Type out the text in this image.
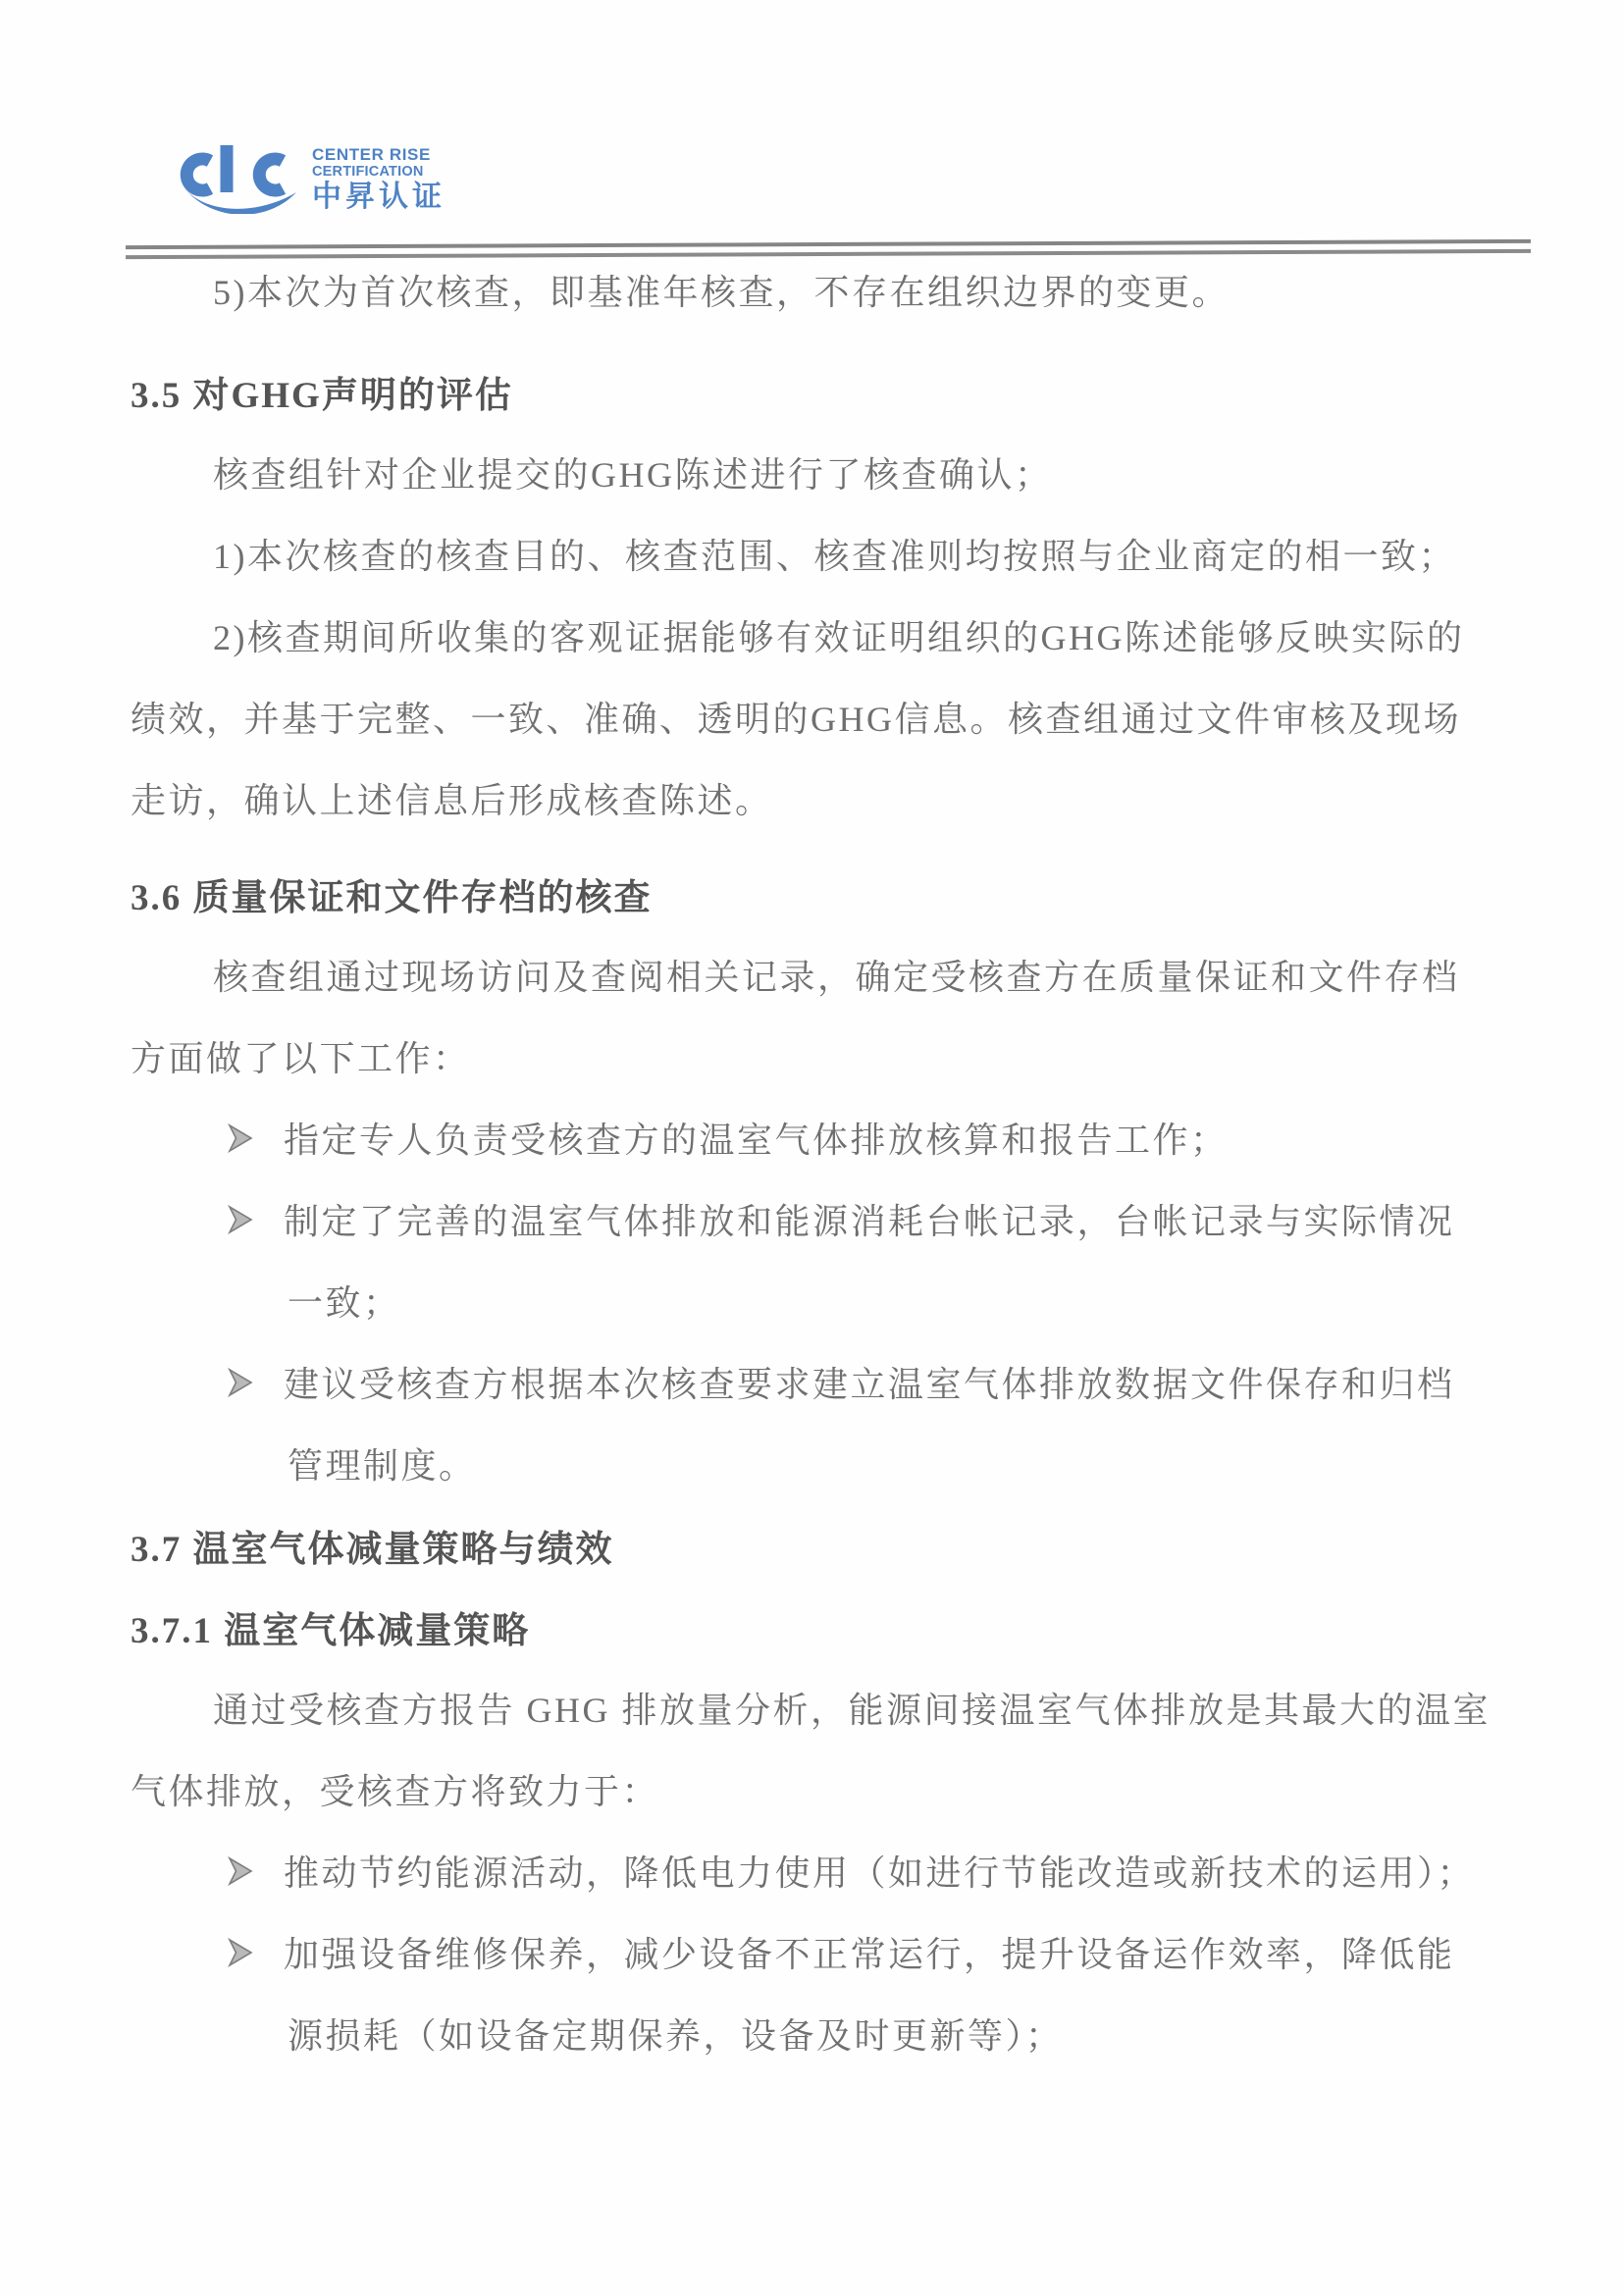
CENTER RISE
CERTIFICATION
中昇认证
5)本次为首次核查，即基准年核查，不存在组织边界的变更。
3.5 对GHG声明的评估
核查组针对企业提交的GHG陈述进行了核查确认；
1)本次核查的核查目的、核查范围、核查准则均按照与企业商定的相一致；
2)核查期间所收集的客观证据能够有效证明组织的GHG陈述能够反映实际的
绩效，并基于完整、一致、准确、透明的GHG信息。核查组通过文件审核及现场
走访，确认上述信息后形成核查陈述。
3.6 质量保证和文件存档的核查
核查组通过现场访问及查阅相关记录，确定受核查方在质量保证和文件存档
方面做了以下工作：
指定专人负责受核查方的温室气体排放核算和报告工作；
制定了完善的温室气体排放和能源消耗台帐记录，台帐记录与实际情况
一致；
建议受核查方根据本次核查要求建立温室气体排放数据文件保存和归档
管理制度。
3.7 温室气体减量策略与绩效
3.7.1 温室气体减量策略
通过受核查方报告 GHG 排放量分析，能源间接温室气体排放是其最大的温室
气体排放，受核查方将致力于：
推动节约能源活动，降低电力使用（如进行节能改造或新技术的运用）；
加强设备维修保养，减少设备不正常运行，提升设备运作效率，降低能
源损耗（如设备定期保养，设备及时更新等）；
